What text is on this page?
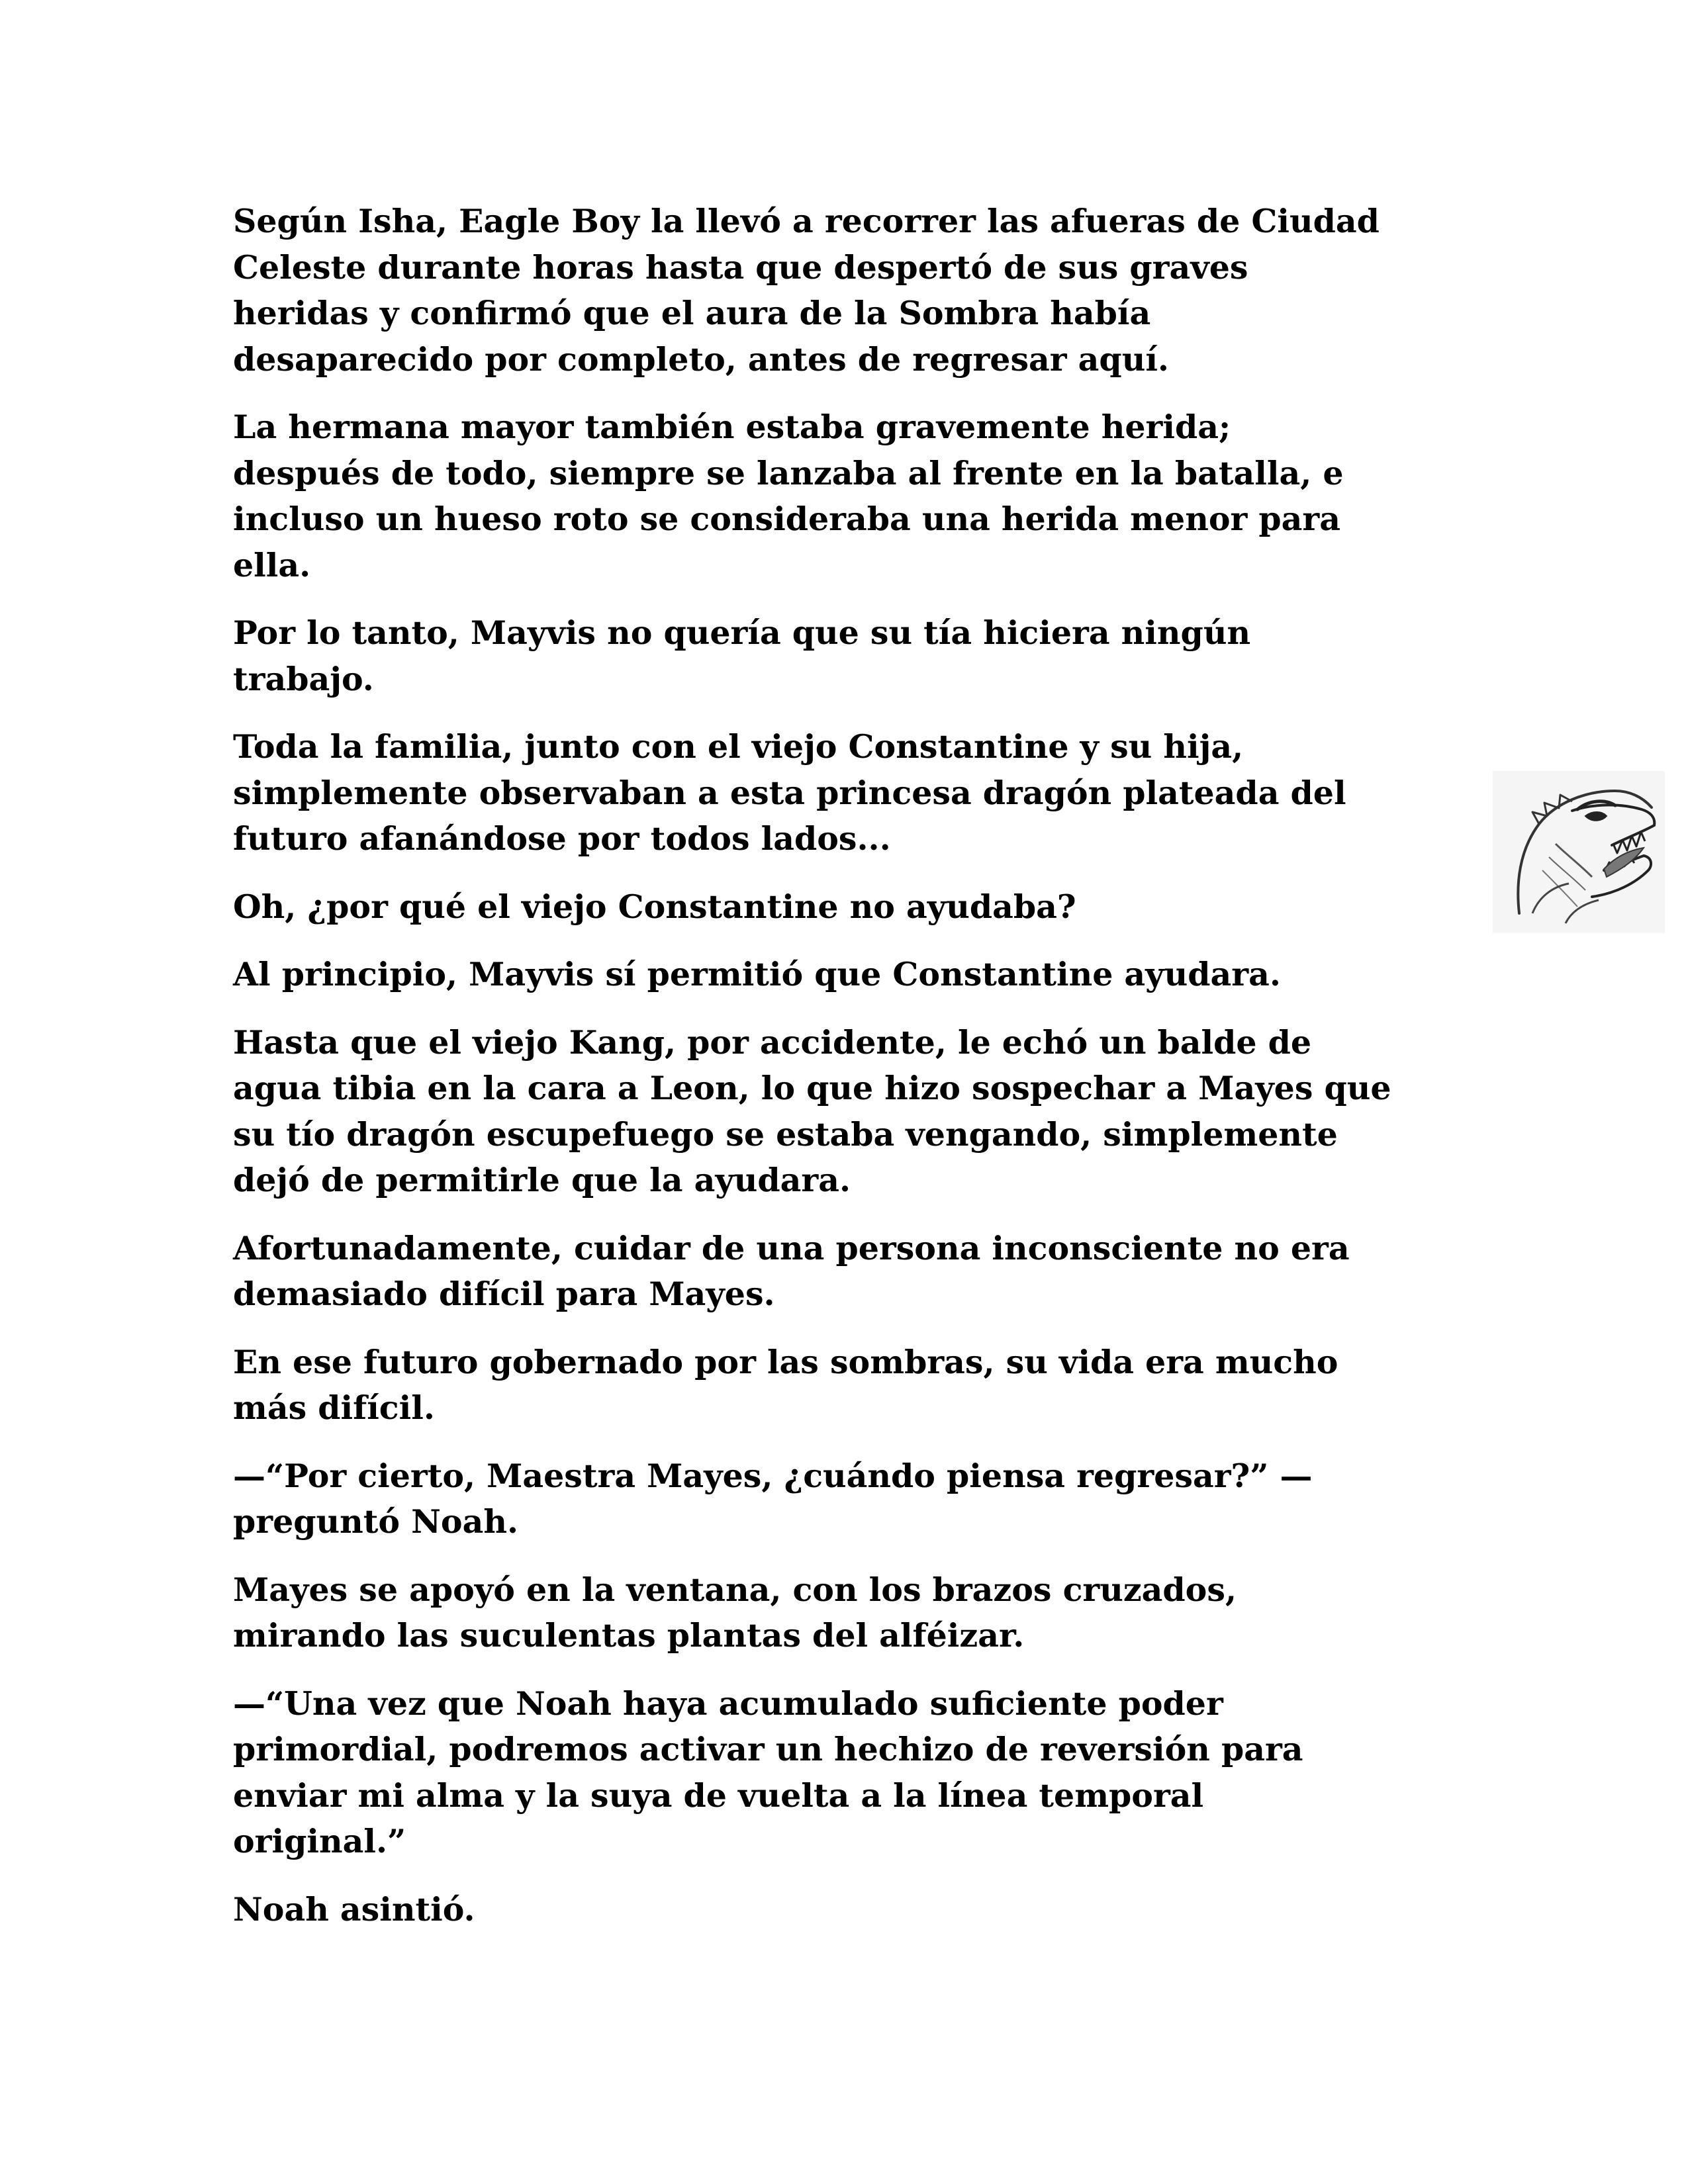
Según Isha, Eagle Boy la llevó a recorrer las afueras de Ciudad
Celeste durante horas hasta que despertó de sus graves
heridas y confirmó que el aura de la Sombra había
desaparecido por completo, antes de regresar aquí.

La hermana mayor también estaba gravemente herida;
después de todo, siempre se lanzaba al frente en la batalla, e
incluso un hueso roto se consideraba una herida menor para
ella.

Por lo tanto, Mayvis no quería que su tía hiciera ningún
trabajo.

Toda la familia, junto con el viejo Constantine y su hija,
simplemente observaban a esta princesa dragón plateada del
futuro afanándose por todos lados...

Oh, ¿por qué el viejo Constantine no ayudaba?

Al principio, Mayvis sí permitió que Constantine ayudara.

Hasta que el viejo Kang, por accidente, le echó un balde de
agua tibia en la cara a Leon, lo que hizo sospechar a Mayes que
su tío dragón escupefuego se estaba vengando, simplemente
dejó de permitirle que la ayudara.

Afortunadamente, cuidar de una persona inconsciente no era
demasiado difícil para Mayes.

En ese futuro gobernado por las sombras, su vida era mucho
más difícil.

—“Por cierto, Maestra Mayes, ¿cuándo piensa regresar?” —
preguntó Noah.

Mayes se apoyó en la ventana, con los brazos cruzados,
mirando las suculentas plantas del alféizar.

—“Una vez que Noah haya acumulado suficiente poder
primordial, podremos activar un hechizo de reversión para
enviar mi alma y la suya de vuelta a la línea temporal
original.”

Noah asintió.
